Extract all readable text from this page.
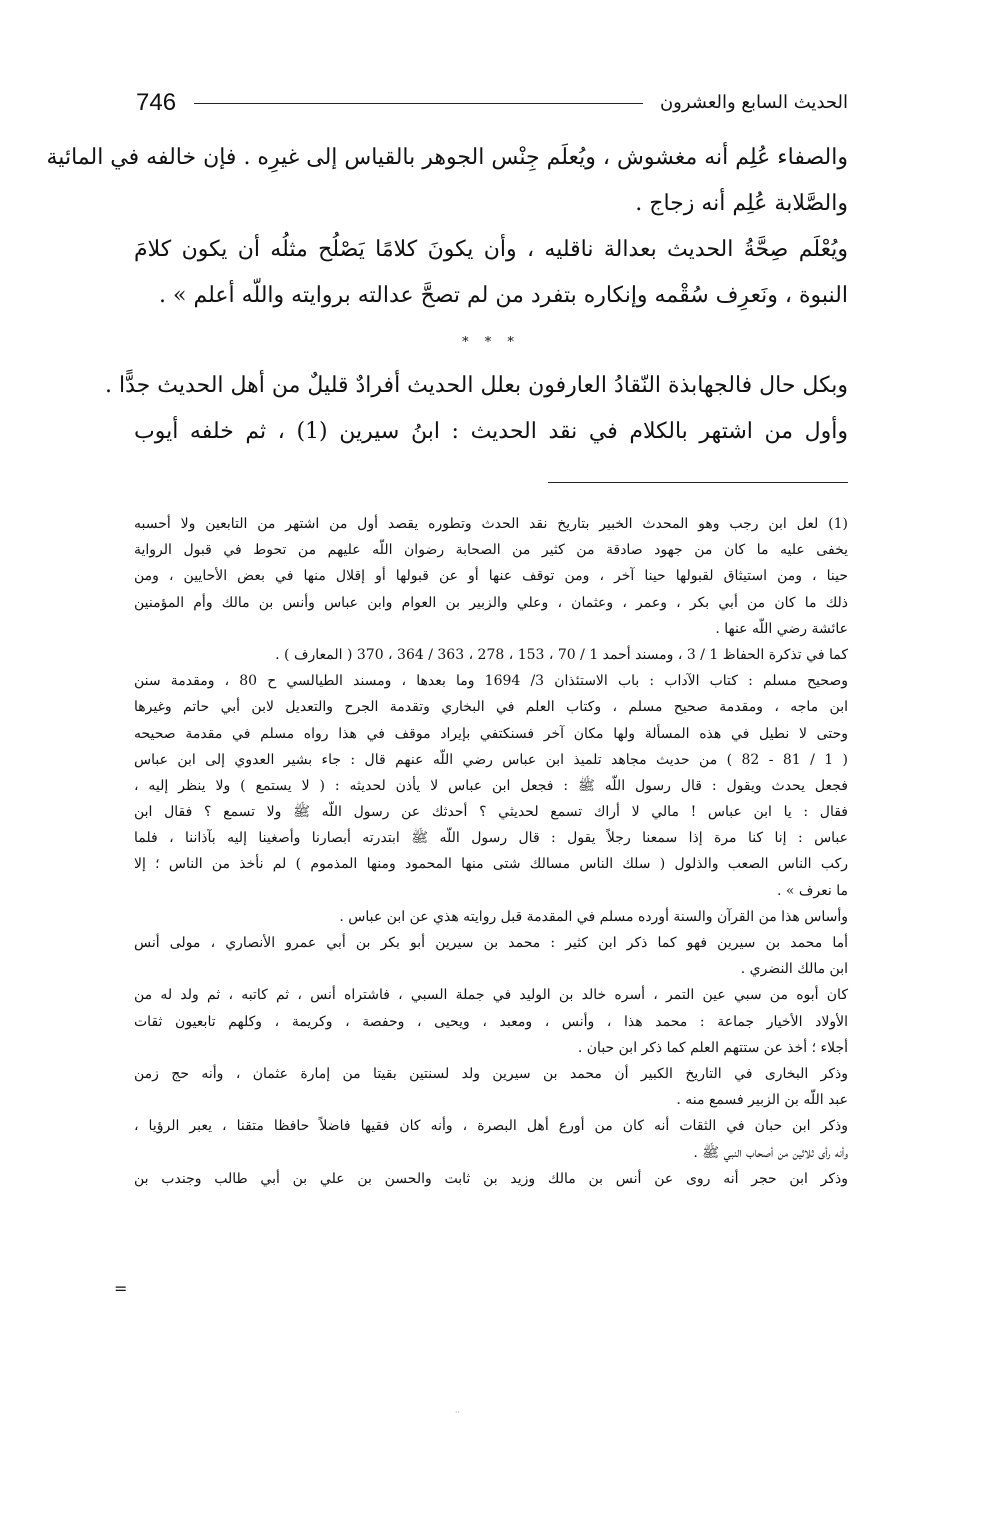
746	الحديث السابع والعشرون
والصفاء عُلِم أنه مغشوش ، ويُعلَم جِنْس الجوهر بالقياس إلى غيرِه . فإن خالفه في المائية
والصَّلابة عُلِم أنه زجاج .
ويُعْلَم صِحَّةُ الحديث بعدالة ناقليه ، وأن يكونَ كلامًا يَصْلُح مثلُه أن يكون كلامَ
النبوة ، ونَعرِف سُقْمه وإنكاره بتفرد من لم تصحَّ عدالته بروايته واللّه أعلم » .
* * *
وبكل حال فالجهابذة النّقادُ العارفون بعلل الحديث أفرادٌ قليلٌ من أهل الحديث جدًّا .
وأول من اشتهر بالكلام في نقد الحديث : ابنُ سيرين (1) ، ثم خلفه أيوب
(1) لعل ابن رجب وهو المحدث الخبير بتاريخ نقد الحدث وتطوره يقصد أول من اشتهر من التابعين ولا أحسبه
يخفى عليه ما كان من جهود صادقة من كثير من الصحابة رضوان اللّه عليهم من تحوط في قبول الرواية
حينا ، ومن استيثاق لقبولها حينا آخر ، ومن توقف عنها أو عن قبولها أو إقلال منها في بعض الأحايين ، ومن
ذلك ما كان من أبي بكر ، وعمر ، وعثمان ، وعلي والزبير بن العوام وابن عباس وأنس بن مالك وأم المؤمنين
عائشة رضي اللّه عنها .
كما في تذكرة الحفاظ 1 / 3 ، ومسند أحمد 1 / 70 ، 153 ، 278 ، 363 / 364 ، 370 ( المعارف ) .
وصحيح مسلم : كتاب الآداب : باب الاستئذان 3/ 1694 وما بعدها ، ومسند الطيالسي ح 80 ، ومقدمة سنن
ابن ماجه ، ومقدمة صحيح مسلم ، وكتاب العلم في البخاري وتقدمة الجرح والتعديل لابن أبي حاتم وغيرها
وحتى لا نطيل في هذه المسألة ولها مكان آخر فسنكتفي بإيراد موقف في هذا رواه مسلم في مقدمة صحيحه
( 1 / 81 - 82 ) من حديث مجاهد تلميذ ابن عباس رضي اللّه عنهم قال : جاء بشير العدوي إلى ابن عباس
فجعل يحدث ويقول : قال رسول اللّه ﷺ : فجعل ابن عباس لا يأذن لحديثه : ( لا يستمع ) ولا ينظر إليه ،
فقال : يا ابن عباس ! مالي لا أراك تسمع لحديثي ؟ أحدثك عن رسول اللّه ﷺ ولا تسمع ؟ فقال ابن
عباس : إنا كنا مرة إذا سمعنا رجلاً يقول : قال رسول اللّه ﷺ ابتدرته أبصارنا وأصغينا إليه بآذاننا ، فلما
ركب الناس الصعب والذلول ( سلك الناس مسالك شتى منها المحمود ومنها المذموم ) لم نأخذ من الناس ؛ إلا
ما نعرف » .
وأساس هذا من القرآن والسنة أورده مسلم في المقدمة قبل روايته هذي عن ابن عباس .
أما محمد بن سيرين فهو كما ذكر ابن كثير : محمد بن سيرين أبو بكر بن أبي عمرو الأنصاري ، مولى أنس
ابن مالك النضري .
كان أبوه من سبي عين التمر ، أسره خالد بن الوليد في جملة السبي ، فاشتراه أنس ، ثم كاتبه ، ثم ولد له من
الأولاد الأخيار جماعة : محمد هذا ، وأنس ، ومعبد ، ويحيى ، وحفصة ، وكريمة ، وكلهم تابعيون ثقات
أجلاء ؛ أخذ عن ستتهم العلم كما ذكر ابن حبان .
وذكر البخارى في التاريخ الكبير أن محمد بن سيرين ولد لسنتين بقيتا من إمارة عثمان ، وأنه حج زمن
عبد اللّه بن الزبير فسمع منه .
وذكر ابن حبان في الثقات أنه كان من أورع أهل البصرة ، وأنه كان فقيها فاضلاً حافظا متقنا ، يعبر الرؤيا ،
وأنه رأى ثلاثين من أصحاب النبي ﷺ .
وذكر ابن حجر أنه روى عن أنس بن مالك وزيد بن ثابت والحسن بن علي بن أبي طالب وجندب بن
=
··
